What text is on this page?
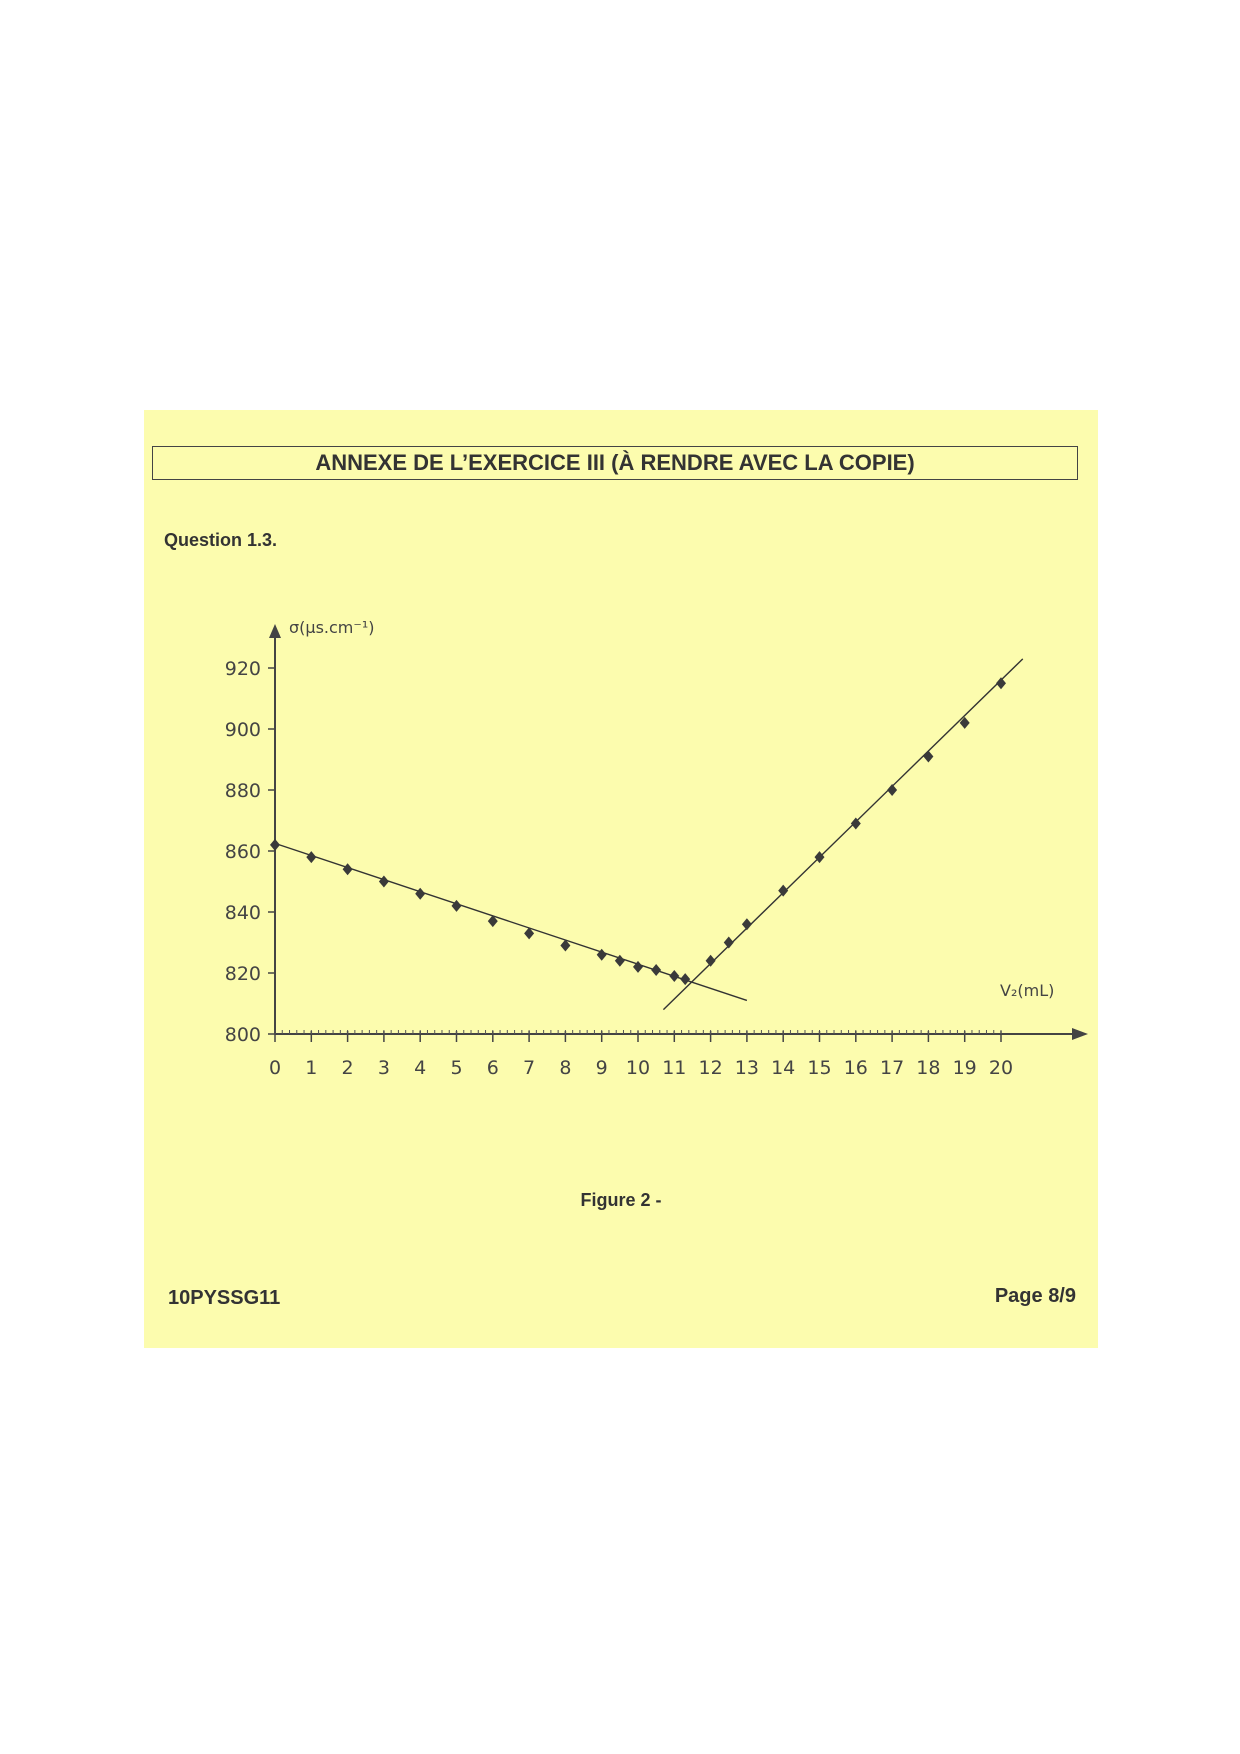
ANNEXE DE L’EXERCICE III (À RENDRE AVEC LA COPIE)
Question 1.3.
800
820
840
860
880
900
920
0 1 2 3 4 5 6 7 8 9 10 11 12 13 14 15 16 17 18 19 20
σ(µs.cm⁻¹)
V₂(mL)
Figure 2 -
10PYSSG11	Page 8/9
